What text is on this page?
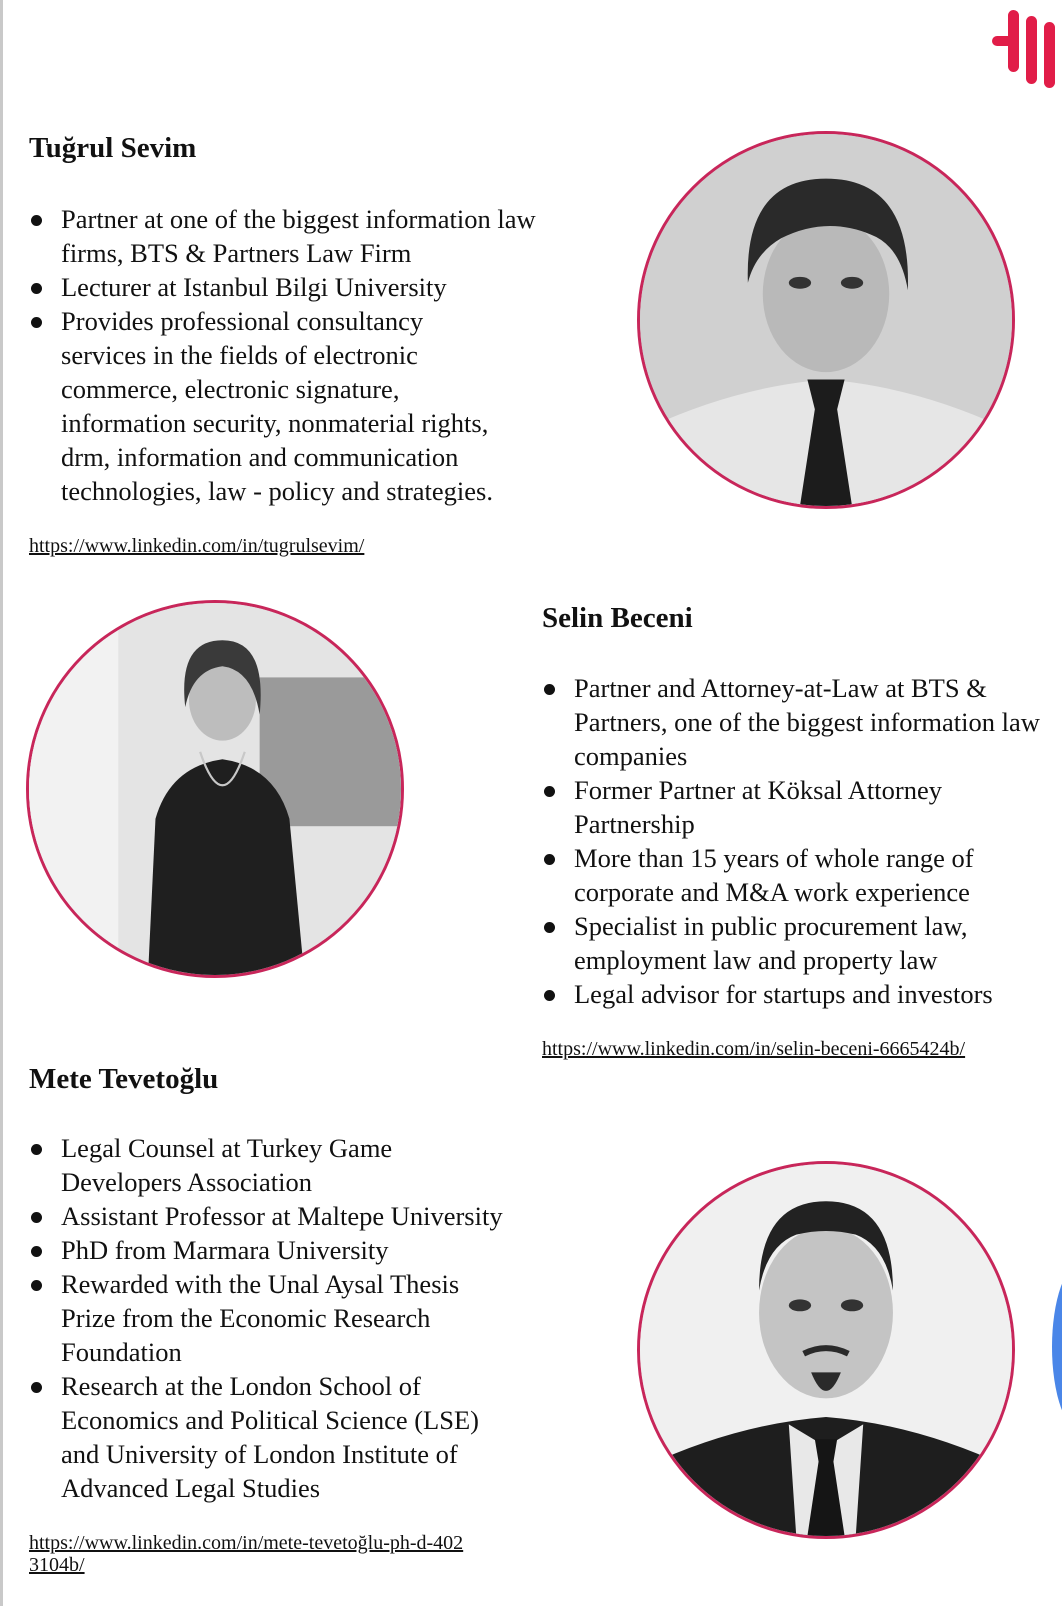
Tuğrul Sevim
Partner at one of the biggest information law firms, BTS & Partners Law Firm
Lecturer at Istanbul Bilgi University
Provides professional consultancy services in the fields of electronic commerce, electronic signature, information security, nonmaterial rights, drm, information and communication technologies, law - policy and strategies.
https://www.linkedin.com/in/tugrulsevim/
Selin Beceni
Partner and Attorney-at-Law at BTS & Partners, one of the biggest information law companies
Former Partner at Köksal Attorney Partnership
More than 15 years of whole range of corporate and M&A work experience
Specialist in public procurement law, employment law and property law
Legal advisor for startups and investors
https://www.linkedin.com/in/selin-beceni-6665424b/
Mete Tevetoğlu
Legal Counsel at Turkey Game Developers Association
Assistant Professor at Maltepe University
PhD from Marmara University
Rewarded with the Unal Aysal Thesis Prize from the Economic Research Foundation
Research at the London School of Economics and Political Science (LSE) and University of London Institute of Advanced Legal Studies
https://www.linkedin.com/in/mete-tevetoğlu-ph-d-4023104b/
